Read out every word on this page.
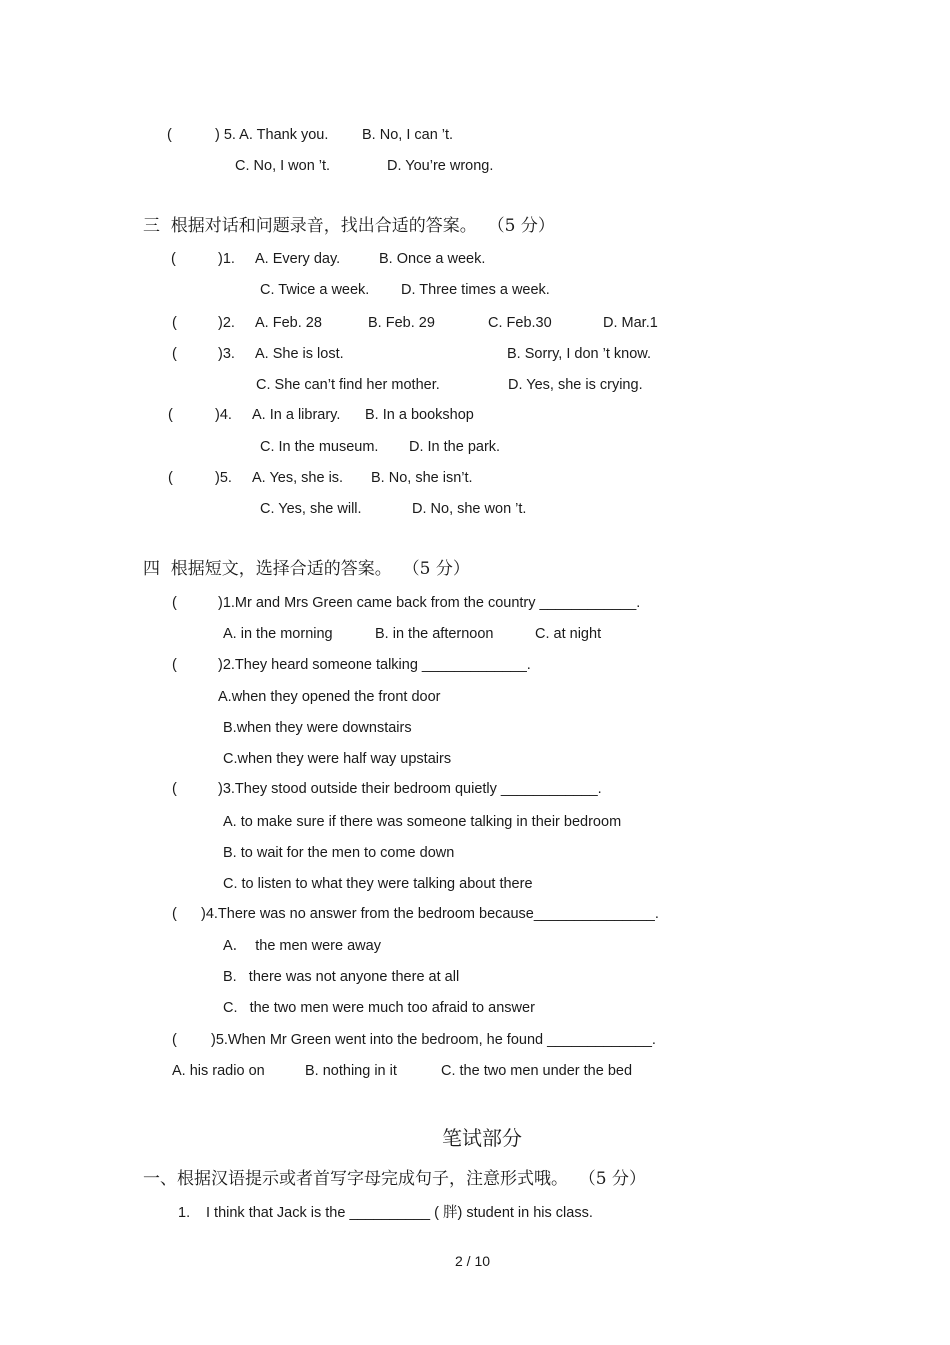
(	) 5. A. Thank you. B. No, I can ’t.
C. No, I won ’t.	D. You’re wrong.
三  根据对话和问题录音，找出合适的答案。  （5 分）
(	)1. A. Every day.	B. Once a week.
C. Twice a week. D. Three times a week.
(	)2. A. Feb. 28	B. Feb. 29	C. Feb.30	D. Mar.1
(	)3. A. She is lost.	B. Sorry, I don ’t know.
C. She can’t find her mother.	D. Yes, she is crying.
(	)4. A. In a library. B. In a bookshop
C. In the museum. D. In the park.
(	)5. A. Yes, she is. B. No, she isn’t.
C. Yes, she will.	D. No, she won ’t.
四  根据短文，选择合适的答案。  （5 分）
(	)1.Mr and Mrs Green came back from the country ____________.
A. in the morning	B. in the afternoon	C. at night
(	)2.They heard someone talking _____________.
A.when they opened the front door
B.when they were downstairs
C.when they were half way upstairs
(	)3.They stood outside their bedroom quietly ____________.
A. to make sure if there was someone talking in their bedroom
B. to wait for the men to come down
C. to listen to what they were talking about there
( )4.There was no answer from the bedroom because_______________.
A．  the men were away
B.   there was not anyone there at all
C.   the two men were much too afraid to answer
( )5.When Mr Green went into the bedroom, he found _____________.
A. his radio on	B. nothing in it	C. the two men under the bed
笔试部分
一、根据汉语提示或者首写字母完成句子，注意形式哦。  （5 分）
1. I think that Jack is the __________ ( 胖) student in his class.
2 / 10
